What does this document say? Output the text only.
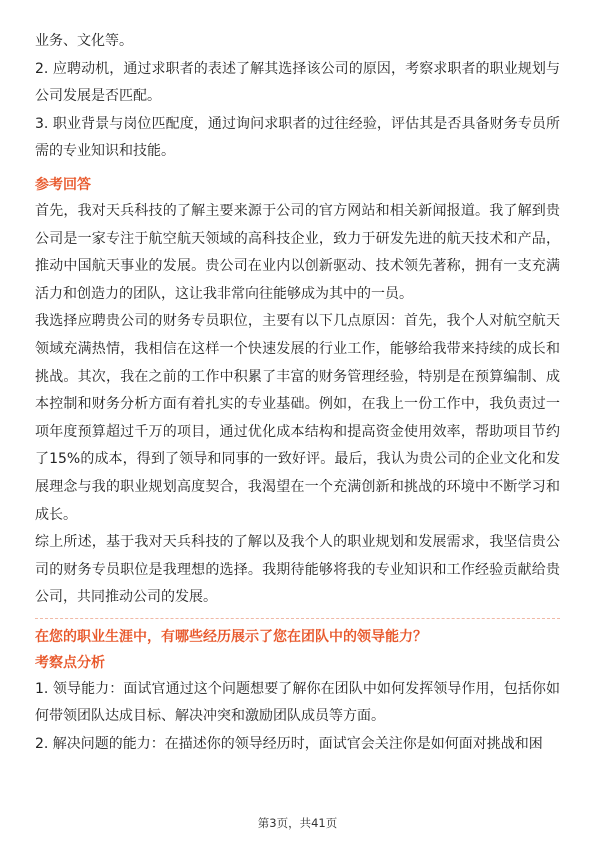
业务、文化等。

2. 应聘动机，通过求职者的表述了解其选择该公司的原因，考察求职者的职业规划与公司发展是否匹配。

3. 职业背景与岗位匹配度，通过询问求职者的过往经验，评估其是否具备财务专员所需的专业知识和技能。

参考回答

首先，我对天兵科技的了解主要来源于公司的官方网站和相关新闻报道。我了解到贵公司是一家专注于航空航天领域的高科技企业，致力于研发先进的航天技术和产品，推动中国航天事业的发展。贵公司在业内以创新驱动、技术领先著称，拥有一支充满活力和创造力的团队，这让我非常向往能够成为其中的一员。

我选择应聘贵公司的财务专员职位，主要有以下几点原因：首先，我个人对航空航天领域充满热情，我相信在这样一个快速发展的行业工作，能够给我带来持续的成长和挑战。其次，我在之前的工作中积累了丰富的财务管理经验，特别是在预算编制、成本控制和财务分析方面有着扎实的专业基础。例如，在我上一份工作中，我负责过一项年度预算超过千万的项目，通过优化成本结构和提高资金使用效率，帮助项目节约了15%的成本，得到了领导和同事的一致好评。最后，我认为贵公司的企业文化和发展理念与我的职业规划高度契合，我渴望在一个充满创新和挑战的环境中不断学习和成长。

综上所述，基于我对天兵科技的了解以及我个人的职业规划和发展需求，我坚信贵公司的财务专员职位是我理想的选择。我期待能够将我的专业知识和工作经验贡献给贵公司，共同推动公司的发展。

在您的职业生涯中，有哪些经历展示了您在团队中的领导能力？
考察点分析

1. 领导能力：面试官通过这个问题想要了解你在团队中如何发挥领导作用，包括你如何带领团队达成目标、解决冲突和激励团队成员等方面。

2. 解决问题的能力：在描述你的领导经历时，面试官会关注你是如何面对挑战和困

第3页，共41页
